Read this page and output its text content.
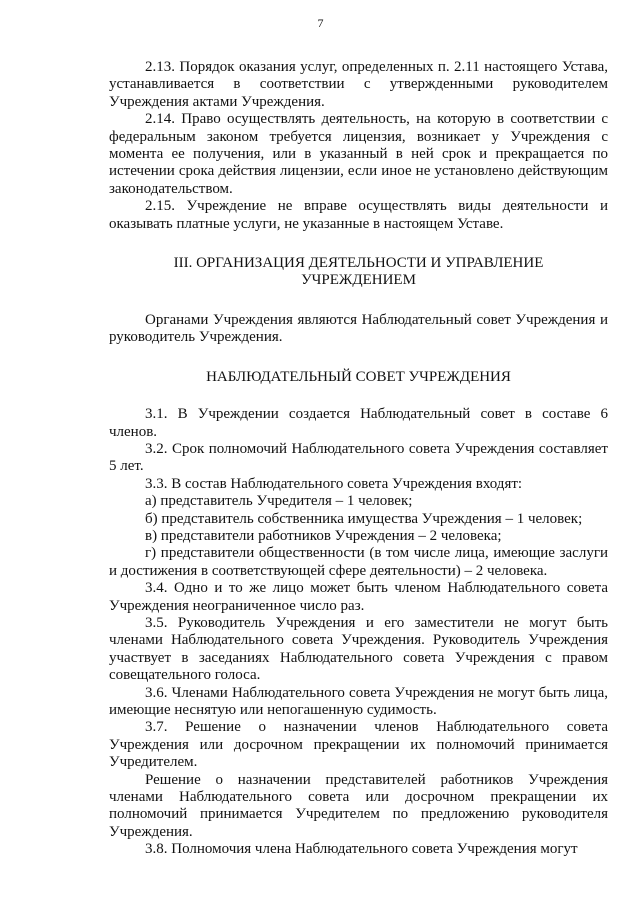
7

2.13. Порядок оказания услуг, определенных п. 2.11 настоящего Устава, устанавливается в соответствии с утвержденными руководителем Учреждения актами Учреждения.

2.14. Право осуществлять деятельность, на которую в соответствии с федеральным законом требуется лицензия, возникает у Учреждения с момента ее получения, или в указанный в ней срок и прекращается по истечении срока действия лицензии, если иное не установлено действующим законодательством.

2.15. Учреждение не вправе осуществлять виды деятельности и оказывать платные услуги, не указанные в настоящем Уставе.

III. ОРГАНИЗАЦИЯ ДЕЯТЕЛЬНОСТИ И УПРАВЛЕНИЕ
УЧРЕЖДЕНИЕМ

Органами Учреждения являются Наблюдательный совет Учреждения и руководитель Учреждения.

НАБЛЮДАТЕЛЬНЫЙ СОВЕТ УЧРЕЖДЕНИЯ

3.1. В Учреждении создается Наблюдательный совет в составе 6 членов.

3.2. Срок полномочий Наблюдательного совета Учреждения составляет 5 лет.

3.3. В состав Наблюдательного совета Учреждения входят:

а) представитель Учредителя – 1 человек;

б) представитель собственника имущества Учреждения – 1 человек;

в) представители работников Учреждения – 2 человека;

г) представители общественности (в том числе лица, имеющие заслуги и достижения в соответствующей сфере деятельности) – 2 человека.

3.4. Одно и то же лицо может быть членом Наблюдательного совета Учреждения неограниченное число раз.

3.5. Руководитель Учреждения и его заместители не могут быть членами Наблюдательного совета Учреждения. Руководитель Учреждения участвует в заседаниях Наблюдательного совета Учреждения с правом совещательного голоса.

3.6. Членами Наблюдательного совета Учреждения не могут быть лица, имеющие неснятую или непогашенную судимость.

3.7. Решение о назначении членов Наблюдательного совета Учреждения или досрочном прекращении их полномочий принимается Учредителем.

Решение о назначении представителей работников Учреждения членами Наблюдательного совета или досрочном прекращении их полномочий принимается Учредителем по предложению руководителя Учреждения.

3.8. Полномочия члена Наблюдательного совета Учреждения могут
